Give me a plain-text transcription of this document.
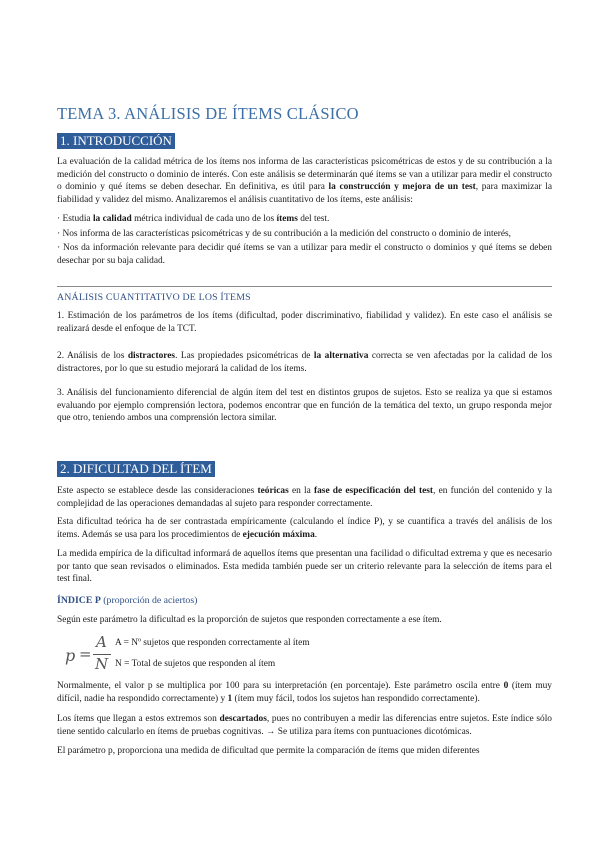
TEMA 3. ANÁLISIS DE ÍTEMS CLÁSICO
1. INTRODUCCIÓN

La evaluación de la calidad métrica de los ítems nos informa de las características psicométricas de estos y de su contribución a la medición del constructo o dominio de interés. Con este análisis se determinarán qué ítems se van a utilizar para medir el constructo o dominio y qué ítems se deben desechar. En definitiva, es útil para la construcción y mejora de un test, para maximizar la fiabilidad y validez del mismo. Analizaremos el análisis cuantitativo de los ítems, este análisis:

· Estudia la calidad métrica individual de cada uno de los ítems del test.

· Nos informa de las características psicométricas y de su contribución a la medición del constructo o dominio de interés,

· Nos da información relevante para decidir qué ítems se van a utilizar para medir el constructo o dominios y qué ítems se deben desechar por su baja calidad.

ANÁLISIS CUANTITATIVO DE LOS ÍTEMS

1. Estimación de los parámetros de los ítems (dificultad, poder discriminativo, fiabilidad y validez). En este caso el análisis se realizará desde el enfoque de la TCT.

2. Análisis de los distractores. Las propiedades psicométricas de la alternativa correcta se ven afectadas por la calidad de los distractores, por lo que su estudio mejorará la calidad de los ítems.

3. Análisis del funcionamiento diferencial de algún ítem del test en distintos grupos de sujetos. Esto se realiza ya que si estamos evaluando por ejemplo comprensión lectora, podemos encontrar que en función de la temática del texto, un grupo responda mejor que otro, teniendo ambos una comprensión lectora similar.

2. DIFICULTAD DEL ÍTEM

Este aspecto se establece desde las consideraciones teóricas en la fase de especificación del test, en función del contenido y la complejidad de las operaciones demandadas al sujeto para responder correctamente.

Esta dificultad teórica ha de ser contrastada empíricamente (calculando el índice P), y se cuantifica a través del análisis de los ítems. Además se usa para los procedimientos de ejecución máxima.

La medida empírica de la dificultad informará de aquellos ítems que presentan una facilidad o dificultad extrema y que es necesario por tanto que sean revisados o eliminados. Esta medida también puede ser un criterio relevante para la selección de ítems para el test final.

ÍNDICE P (proporción de aciertos)

Según este parámetro la dificultad es la proporción de sujetos que responden correctamente a ese ítem.

p =
A
N
A = Nº sujetos que responden correctamente al ítem
N = Total de sujetos que responden al ítem

Normalmente, el valor p se multiplica por 100 para su interpretación (en porcentaje). Este parámetro oscila entre 0 (ítem muy difícil, nadie ha respondido correctamente) y 1 (ítem muy fácil, todos los sujetos han respondido correctamente).

Los ítems que llegan a estos extremos son descartados, pues no contribuyen a medir las diferencias entre sujetos. Este índice sólo tiene sentido calcularlo en ítems de pruebas cognitivas. → Se utiliza para ítems con puntuaciones dicotómicas.

El parámetro p, proporciona una medida de dificultad que permite la comparación de ítems que miden diferentes
